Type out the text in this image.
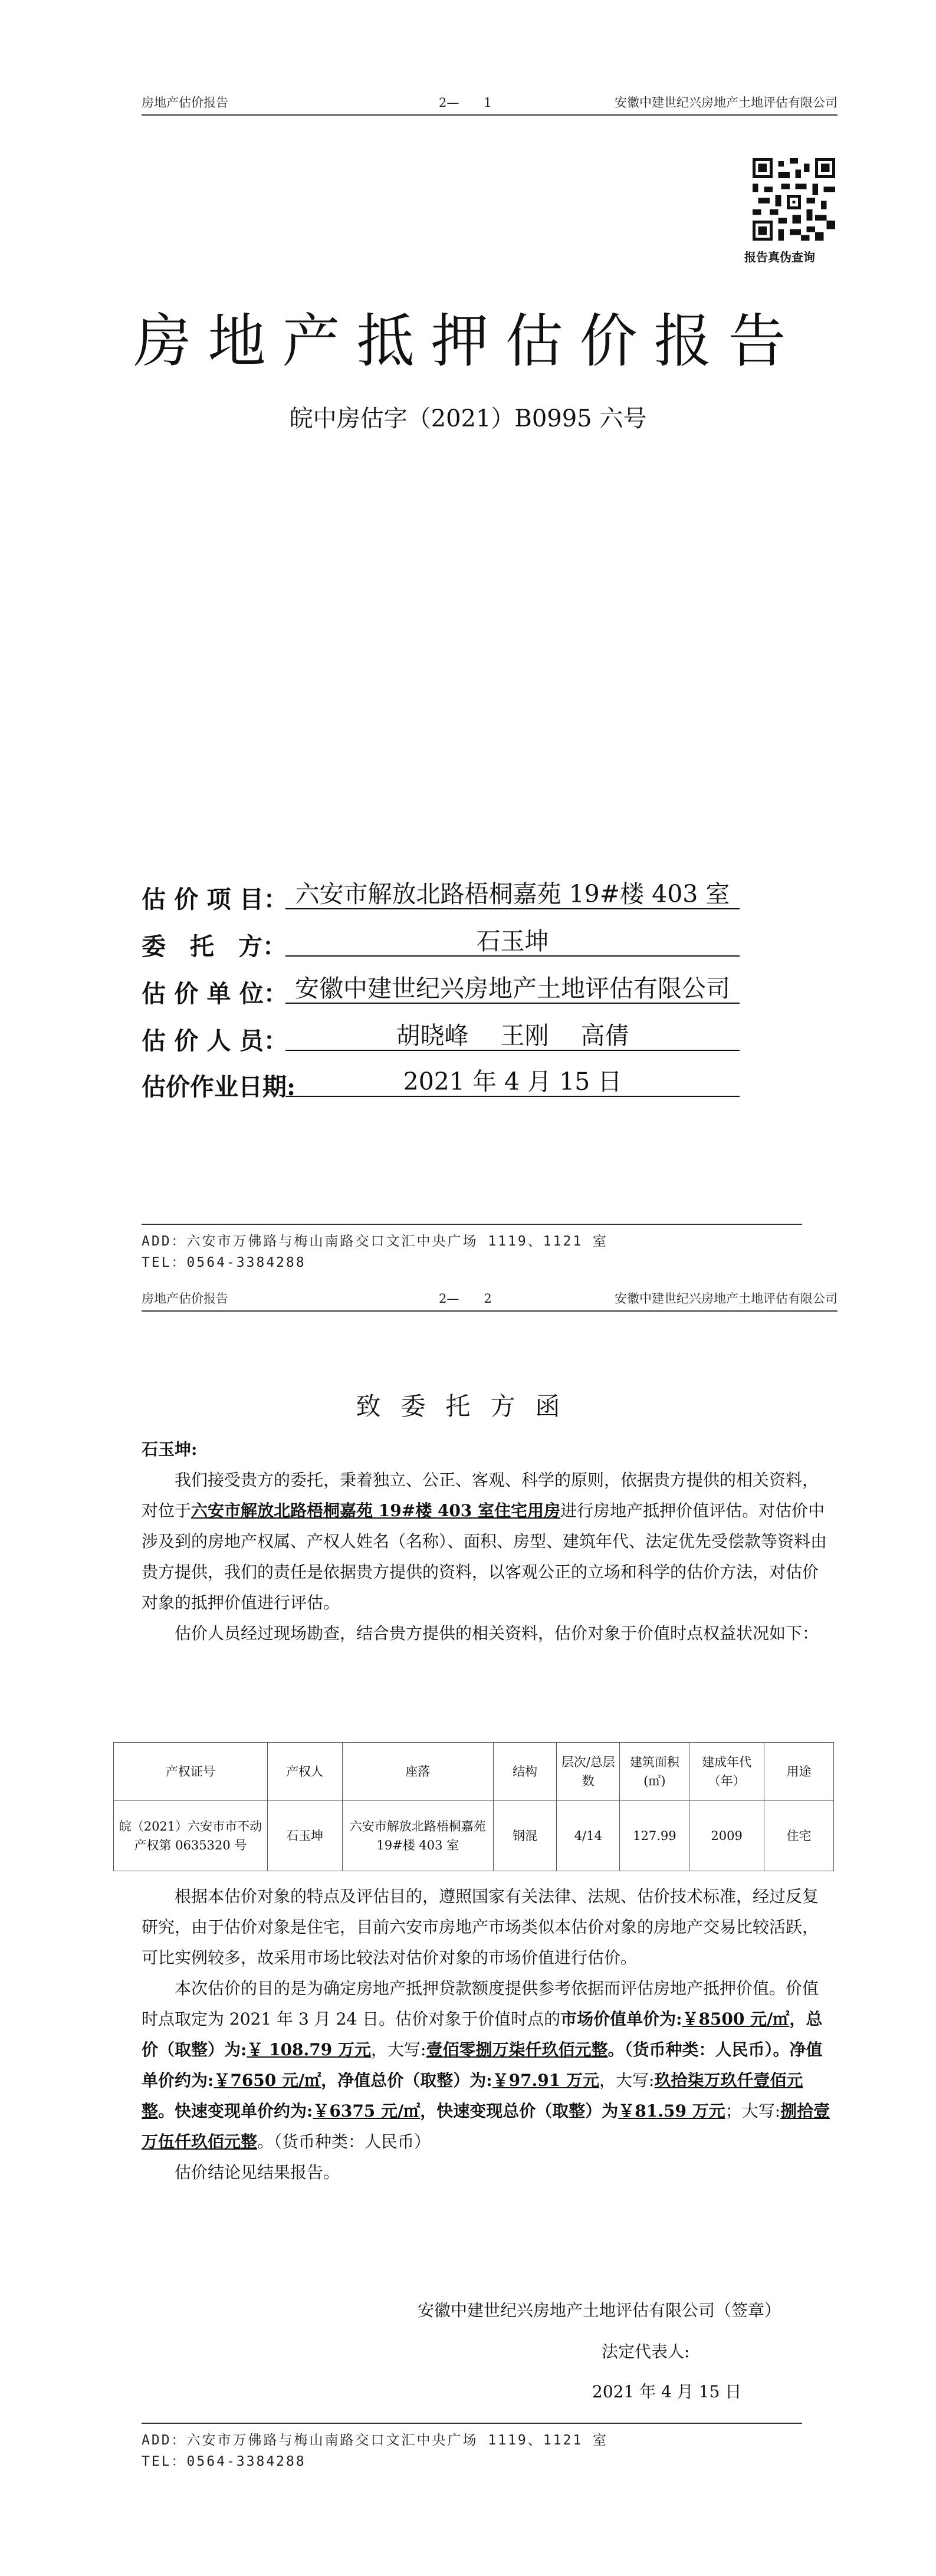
房地产估价报告	2—　　1	安徽中建世纪兴房地产土地评估有限公司
报告真伪查询
房地产抵押估价报告
皖中房估字（2021）B0995 六号
估 价 项 目： 六安市解放北路梧桐嘉苑 19#楼 403 室
委　托　方：	石玉坤
估 价 单 位： 安徽中建世纪兴房地产土地评估有限公司
估 价 人 员：	胡晓峰　 王刚　 高倩
估价作业日期:	2021 年 4 月 15 日
ADD：六安市万佛路与梅山南路交口文汇中央广场 1119、1121 室
TEL：0564-3384288
房地产估价报告	2—　　2	安徽中建世纪兴房地产土地评估有限公司
致委托方函

石玉坤:

我们接受贵方的委托，秉着独立、公正、客观、科学的原则，依据贵方提供的相关资料，对位于六安市解放北路梧桐嘉苑 19#楼 403 室住宅用房进行房地产抵押价值评估。对估价中涉及到的房地产权属、产权人姓名（名称）、面积、房型、建筑年代、法定优先受偿款等资料由贵方提供，我们的责任是依据贵方提供的资料，以客观公正的立场和科学的估价方法，对估价对象的抵押价值进行评估。

估价人员经过现场勘查，结合贵方提供的相关资料，估价对象于价值时点权益状况如下：

产权证号	产权人	座落	结构	层次/总层数	建筑面积(㎡)	建成年代（年）	用途
皖（2021）六安市市不动产权第 0635320 号	石玉坤	六安市解放北路梧桐嘉苑 19#楼 403 室	钢混	4/14	127.99	2009	住宅

根据本估价对象的特点及评估目的，遵照国家有关法律、法规、估价技术标准，经过反复研究，由于估价对象是住宅，目前六安市房地产市场类似本估价对象的房地产交易比较活跃，可比实例较多，故采用市场比较法对估价对象的市场价值进行估价。

本次估价的目的是为确定房地产抵押贷款额度提供参考依据而评估房地产抵押价值。价值时点取定为 2021 年 3 月 24 日。估价对象于价值时点的市场价值单价为:￥8500 元/㎡，总价（取整）为:￥ 108.79 万元，大写:壹佰零捌万柒仟玖佰元整。（货币种类：人民币）。净值单价约为:￥7650 元/㎡，净值总价（取整）为:￥97.91 万元，大写:玖拾柒万玖仟壹佰元整。快速变现单价约为:￥6375 元/㎡，快速变现总价（取整）为￥81.59 万元；大写:捌拾壹万伍仟玖佰元整。（货币种类：人民币）

估价结论见结果报告。

安徽中建世纪兴房地产土地评估有限公司（签章）
法定代表人:
2021 年 4 月 15 日
ADD：六安市万佛路与梅山南路交口文汇中央广场 1119、1121 室
TEL：0564-3384288
